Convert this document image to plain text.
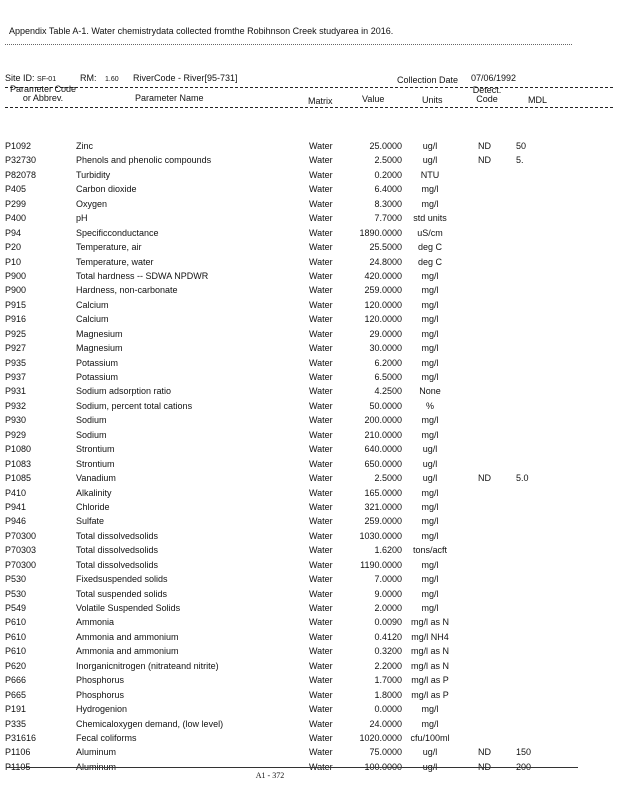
Appendix Table A-1. Water chemistrydata collected fromthe Robihnson Creek studyarea in 2016.
Site ID: SF-01	RM: 1.60 RiverCode - River[95-731]	Collection Date 07/06/1992
Parameter Code
or Abbrev.	Parameter Name	Matrix	Value	Units
Detect.
Code	MDL
P1092	Zinc	Water	25.0000	ug/l	ND	50
P32730	Phenols and phenolic compounds	Water	2.5000	ug/l	ND	5.
P82078	Turbidity	Water	0.2000	NTU
P405	Carbon dioxide	Water	6.4000	mg/l
P299	Oxygen	Water	8.3000	mg/l
P400	pH	Water	7.7000	std units
P94	Specificconductance	Water	1890.0000	uS/cm
P20	Temperature, air	Water	25.5000	deg C
P10	Temperature, water	Water	24.8000	deg C
P900	Total hardness -- SDWA NPDWR	Water	420.0000	mg/l
P900	Hardness, non-carbonate	Water	259.0000	mg/l
P915	Calcium	Water	120.0000	mg/l
P916	Calcium	Water	120.0000	mg/l
P925	Magnesium	Water	29.0000	mg/l
P927	Magnesium	Water	30.0000	mg/l
P935	Potassium	Water	6.2000	mg/l
P937	Potassium	Water	6.5000	mg/l
P931	Sodium adsorption ratio	Water	4.2500	None
P932	Sodium, percent total cations	Water	50.0000	%
P930	Sodium	Water	200.0000	mg/l
P929	Sodium	Water	210.0000	mg/l
P1080	Strontium	Water	640.0000	ug/l
P1083	Strontium	Water	650.0000	ug/l
P1085	Vanadium	Water	2.5000	ug/l	ND	5.0
P410	Alkalinity	Water	165.0000	mg/l
P941	Chloride	Water	321.0000	mg/l
P946	Sulfate	Water	259.0000	mg/l
P70300	Total dissolvedsolids	Water	1030.0000	mg/l
P70303	Total dissolvedsolids	Water	1.6200	tons/acft
P70300	Total dissolvedsolids	Water	1190.0000	mg/l
P530	Fixedsuspended solids	Water	7.0000	mg/l
P530	Total suspended solids	Water	9.0000	mg/l
P549	Volatile Suspended Solids	Water	2.0000	mg/l
P610	Ammonia	Water	0.0090 mg/l as N
P610	Ammonia and ammonium	Water	0.4120	mg/l NH4
P610	Ammonia and ammonium	Water	0.3200 mg/l as N
P620	Inorganicnitrogen (nitrateand nitrite)	Water	2.2000 mg/l as N
P666	Phosphorus	Water	1.7000	mg/l as P
P665	Phosphorus	Water	1.8000	mg/l as P
P191	Hydrogenion	Water	0.0000	mg/l
P335	Chemicaloxygen demand, (low level)	Water	24.0000	mg/l
P31616	Fecal coliforms	Water	1020.0000 cfu/100ml
P1106	Aluminum	Water	75.0000	ug/l	ND	150
P1105	Aluminum	Water	100.0000	ug/l	ND	200
A1 - 372
